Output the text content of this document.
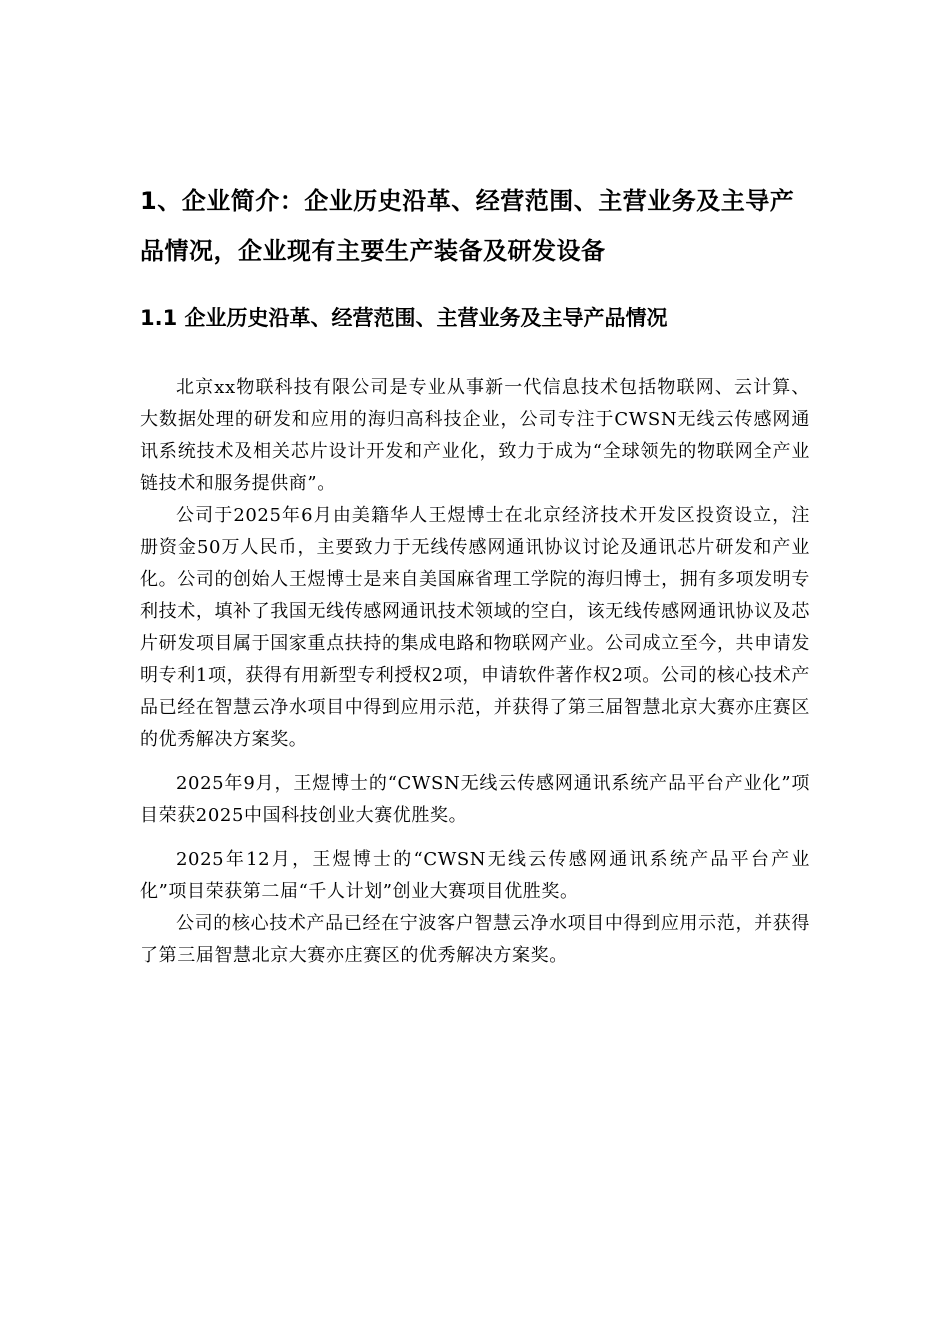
1、企业简介：企业历史沿革、经营范围、主营业务及主导产品情况，企业现有主要生产装备及研发设备
1.1 企业历史沿革、经营范围、主营业务及主导产品情况

北京xx物联科技有限公司是专业从事新一代信息技术包括物联网、云计算、大数据处理的研发和应用的海归高科技企业，公司专注于CWSN无线云传感网通讯系统技术及相关芯片设计开发和产业化，致力于成为“全球领先的物联网全产业链技术和服务提供商”。

公司于2025年6月由美籍华人王煜博士在北京经济技术开发区投资设立，注册资金50万人民币，主要致力于无线传感网通讯协议讨论及通讯芯片研发和产业化。公司的创始人王煜博士是来自美国麻省理工学院的海归博士，拥有多项发明专利技术，填补了我国无线传感网通讯技术领域的空白，该无线传感网通讯协议及芯片研发项目属于国家重点扶持的集成电路和物联网产业。公司成立至今，共申请发明专利1项，获得有用新型专利授权2项，申请软件著作权2项。公司的核心技术产品已经在智慧云净水项目中得到应用示范，并获得了第三届智慧北京大赛亦庄赛区的优秀解决方案奖。

2025年9月，王煜博士的“CWSN无线云传感网通讯系统产品平台产业化”项目荣获2025中国科技创业大赛优胜奖。

2025年12月，王煜博士的“CWSN无线云传感网通讯系统产品平台产业化”项目荣获第二届“千人计划”创业大赛项目优胜奖。

公司的核心技术产品已经在宁波客户智慧云净水项目中得到应用示范，并获得了第三届智慧北京大赛亦庄赛区的优秀解决方案奖。
